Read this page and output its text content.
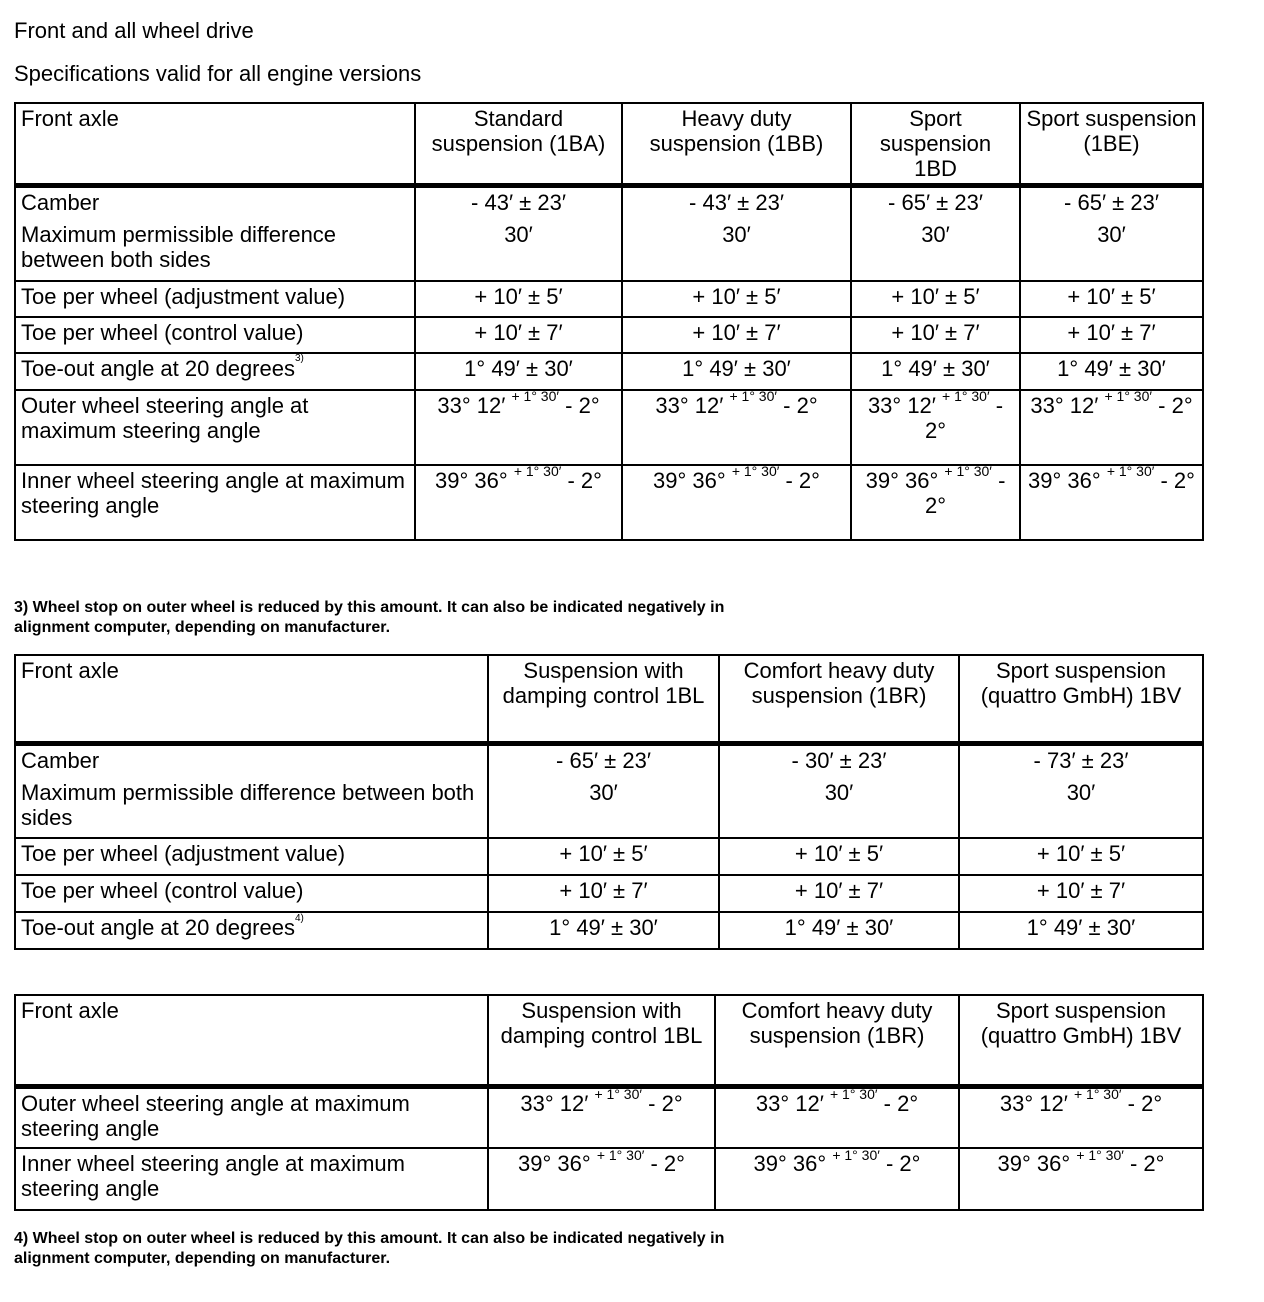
Front and all wheel drive
Specifications valid for all engine versions
Front axle	Standard suspension (1BA)	Heavy duty suspension (1BB)	Sport suspension 1BD	Sport suspension (1BE)
Camber	- 43′ ± 23′	- 43′ ± 23′	- 65′ ± 23′	- 65′ ± 23′
Maximum permissible difference between both sides	30′	30′	30′	30′
Toe per wheel (adjustment value)	+ 10′ ± 5′	+ 10′ ± 5′	+ 10′ ± 5′	+ 10′ ± 5′
Toe per wheel (control value)	+ 10′ ± 7′	+ 10′ ± 7′	+ 10′ ± 7′	+ 10′ ± 7′
Toe-out angle at 20 degrees$^{3)}$	1° 49′ ± 30′	1° 49′ ± 30′	1° 49′ ± 30′	1° 49′ ± 30′
Outer wheel steering angle at maximum steering angle	33° 12′ $^{+ 1^\circ 30'}$ - 2°	33° 12′ $^{+ 1^\circ 30'}$ - 2°	33° 12′ $^{+ 1^\circ 30'}$ - 2°	33° 12′ $^{+ 1^\circ 30'}$ - 2°
Inner wheel steering angle at maximum steering angle	39° 36° $^{+ 1^\circ 30'}$ - 2°	39° 36° $^{+ 1^\circ 30'}$ - 2°	39° 36° $^{+ 1^\circ 30'}$ - 2°	39° 36° $^{+ 1^\circ 30'}$ - 2°
3) Wheel stop on outer wheel is reduced by this amount. It can also be indicated negatively in alignment computer, depending on manufacturer.
Front axle	Suspension with damping control 1BL	Comfort heavy duty suspension (1BR)	Sport suspension (quattro GmbH) 1BV
Camber	- 65′ ± 23′	- 30′ ± 23′	- 73′ ± 23′
Maximum permissible difference between both sides	30′	30′	30′
Toe per wheel (adjustment value)	+ 10′ ± 5′	+ 10′ ± 5′	+ 10′ ± 5′
Toe per wheel (control value)	+ 10′ ± 7′	+ 10′ ± 7′	+ 10′ ± 7′
Toe-out angle at 20 degrees$^{4)}$	1° 49′ ± 30′	1° 49′ ± 30′	1° 49′ ± 30′
Front axle	Suspension with damping control 1BL	Comfort heavy duty suspension (1BR)	Sport suspension (quattro GmbH) 1BV
Outer wheel steering angle at maximum steering angle	33° 12′ $^{+ 1^\circ 30'}$ - 2°	33° 12′ $^{+ 1^\circ 30'}$ - 2°	33° 12′ $^{+ 1^\circ 30'}$ - 2°
Inner wheel steering angle at maximum steering angle	39° 36° $^{+ 1^\circ 30'}$ - 2°	39° 36° $^{+ 1^\circ 30'}$ - 2°	39° 36° $^{+ 1^\circ 30'}$ - 2°
4) Wheel stop on outer wheel is reduced by this amount. It can also be indicated negatively in alignment computer, depending on manufacturer.
